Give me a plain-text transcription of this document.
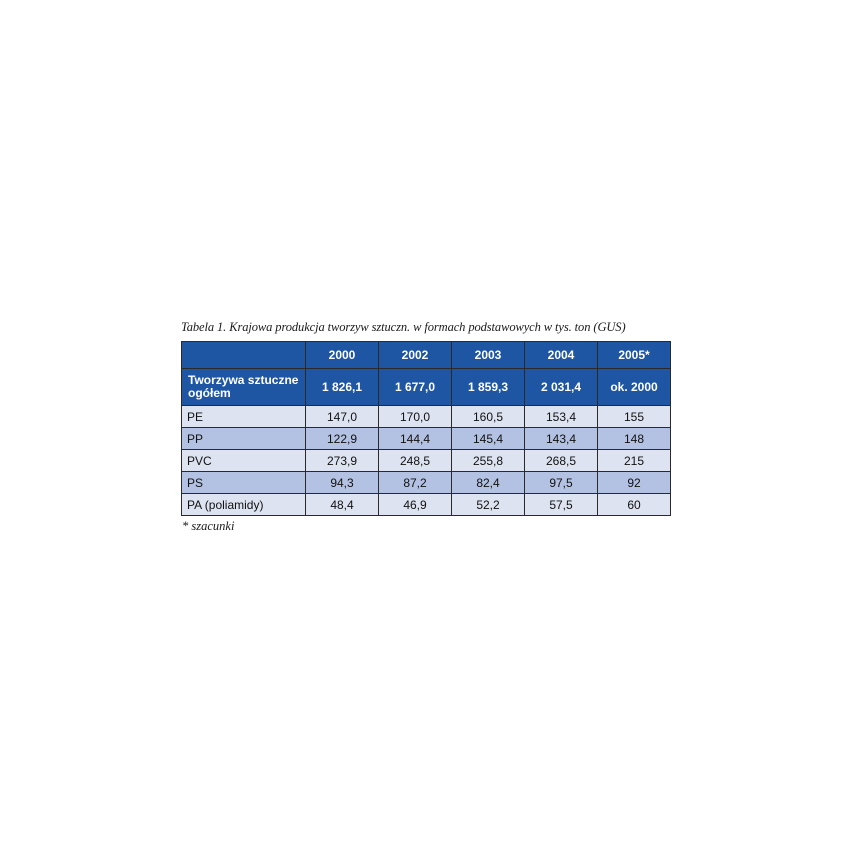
Tabela 1. Krajowa produkcja tworzyw sztuczn. w formach podstawowych w tys. ton (GUS)
	2000	2002	2003	2004	2005*
Tworzywa sztuczne ogółem	1 826,1	1 677,0	1 859,3	2 031,4	ok. 2000
PE	147,0	170,0	160,5	153,4	155
PP	122,9	144,4	145,4	143,4	148
PVC	273,9	248,5	255,8	268,5	215
PS	94,3	87,2	82,4	97,5	92
PA (poliamidy)	48,4	46,9	52,2	57,5	60
* szacunki
